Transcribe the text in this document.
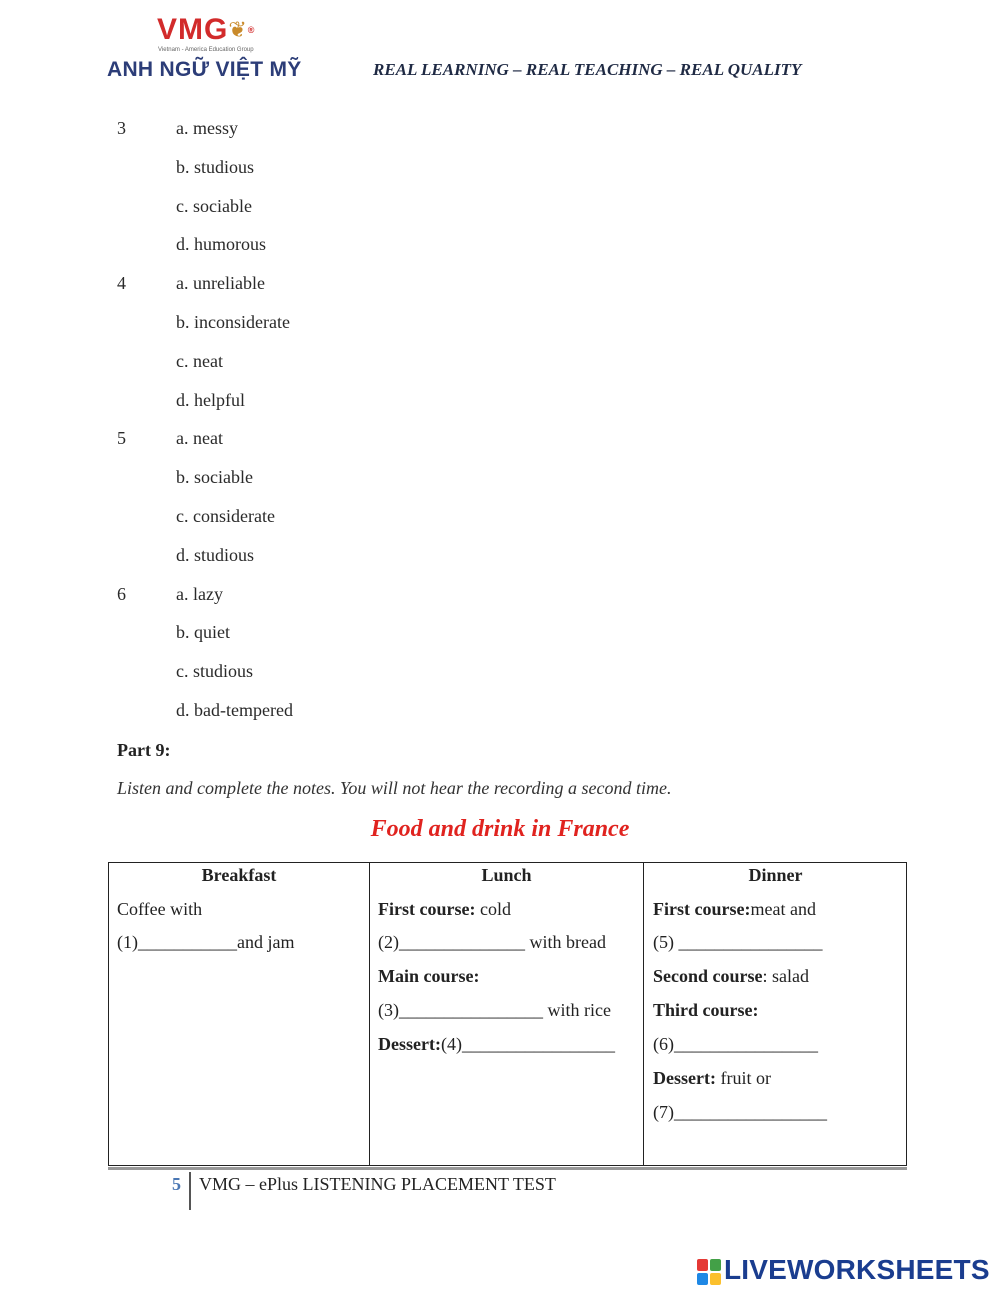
VMG❦®
Vietnam - America Education Group
ANH NGỮ VIỆT MỸ	REAL LEARNING – REAL TEACHING – REAL QUALITY
3	a. messy
b. studious
c. sociable
d. humorous
4	a. unreliable
b. inconsiderate
c. neat
d. helpful
5	a. neat
b. sociable
c. considerate
d. studious
6	a. lazy
b. quiet
c. studious
d. bad-tempered
Part 9:
Listen and complete the notes. You will not hear the recording a second time.
Food and drink in France
Breakfast
Coffee with
(1)___________and jam
Lunch
First course: cold
(2)______________ with bread
Main course:
(3)________________ with rice
Dessert:(4)_________________
Dinner
First course:meat and
(5) ________________
Second course: salad
Third course:
(6)________________
Dessert: fruit or
(7)_________________
5 VMG – ePlus LISTENING PLACEMENT TEST
LIVEWORKSHEETS
